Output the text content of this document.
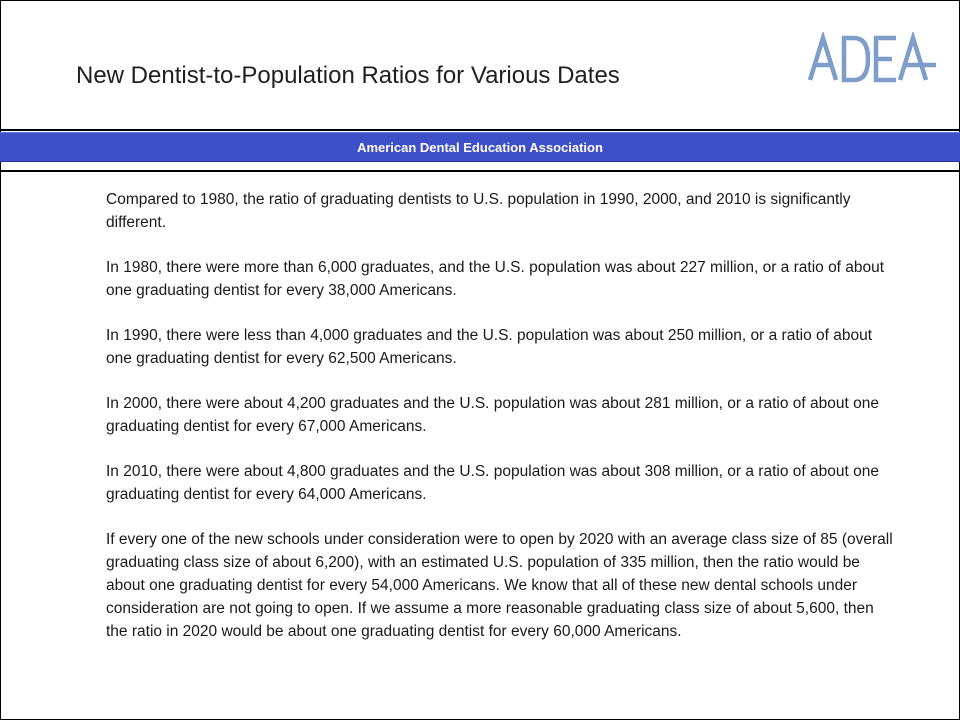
New Dentist-to-Population Ratios for Various Dates
American Dental Education Association

Compared to 1980, the ratio of graduating dentists to U.S. population in 1990, 2000, and 2010 is significantly different.

In 1980, there were more than 6,000 graduates, and the U.S. population was about 227 million, or a ratio of about one graduating dentist for every 38,000 Americans.

In 1990, there were less than 4,000 graduates and the U.S. population was about 250 million, or a ratio of about one graduating dentist for every 62,500 Americans.

In 2000, there were about 4,200 graduates and the U.S. population was about 281 million, or a ratio of about one graduating dentist for every 67,000 Americans.

In 2010, there were about 4,800 graduates and the U.S. population was about 308 million, or a ratio of about one graduating dentist for every 64,000 Americans.

If every one of the new schools under consideration were to open by 2020 with an average class size of 85 (overall graduating class size of about 6,200), with an estimated U.S. population of 335 million, then the ratio would be about one graduating dentist for every 54,000 Americans. We know that all of these new dental schools under consideration are not going to open. If we assume a more reasonable graduating class size of about 5,600, then the ratio in 2020 would be about one graduating dentist for every 60,000 Americans.
